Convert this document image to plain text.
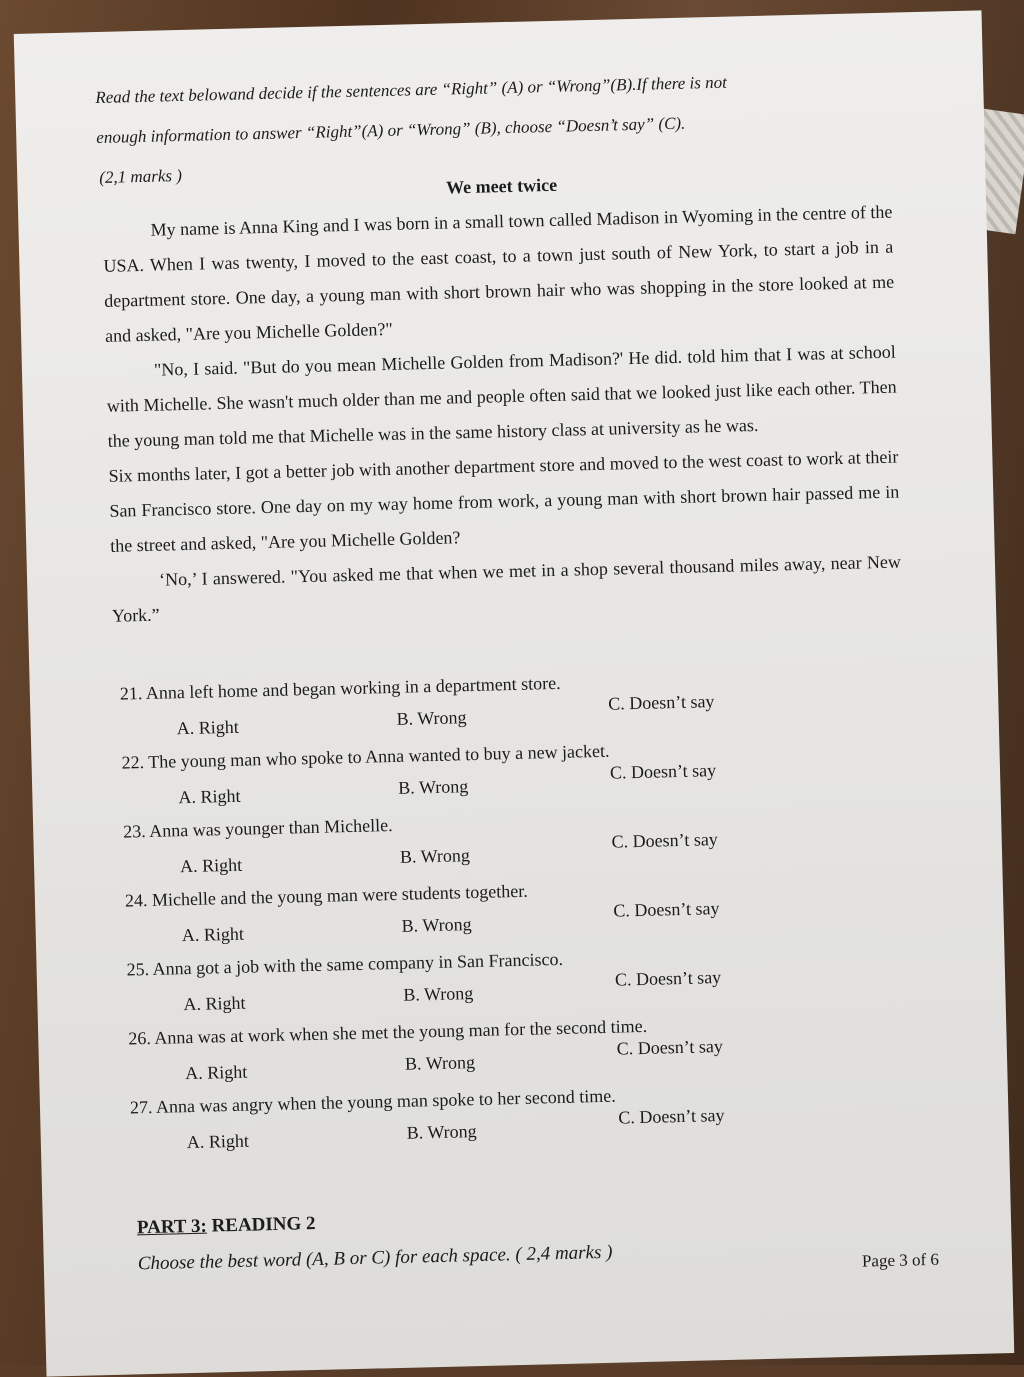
Read the text belowand decide if the sentences are “Right” (A) or “Wrong”(B).If there is not
enough information to answer “Right”(A) or “Wrong” (B), choose “Doesn’t say” (C).
(2,1 marks )	We meet twice

My name is Anna King and I was born in a small town called Madison in Wyoming in the centre of the USA. When I was twenty, I moved to the east coast, to a town just south of New York, to start a job in a department store. One day, a young man with short brown hair who was shopping in the store looked at me and asked, "Are you Michelle Golden?"

"No, I said. "But do you mean Michelle Golden from Madison?' He did. told him that I was at school with Michelle. She wasn't much older than me and people often said that we looked just like each other. Then the young man told me that Michelle was in the same history class at university as he was.

Six months later, I got a better job with another department store and moved to the west coast to work at their San Francisco store. One day on my way home from work, a young man with short brown hair passed me in the street and asked, "Are you Michelle Golden?

‘No,’ I answered. "You asked me that when we met in a shop several thousand miles away, near New York.”

21. Anna left home and began working in a department store.
A. Right	B. Wrong
C. Doesn’t say
22. The young man who spoke to Anna wanted to buy a new jacket.
A. Right	B. Wrong
C. Doesn’t say
23. Anna was younger than Michelle.
A. Right	B. Wrong
C. Doesn’t say
24. Michelle and the young man were students together.
A. Right	B. Wrong
C. Doesn’t say
25. Anna got a job with the same company in San Francisco.
A. Right	B. Wrong
C. Doesn’t say
26. Anna was at work when she met the young man for the second time.
A. Right	B. Wrong
C. Doesn’t say
27. Anna was angry when the young man spoke to her second time.
A. Right	B. Wrong
C. Doesn’t say
PART 3: READING 2
Choose the best word (A, B or C) for each space. ( 2,4 marks )	Page 3 of 6
